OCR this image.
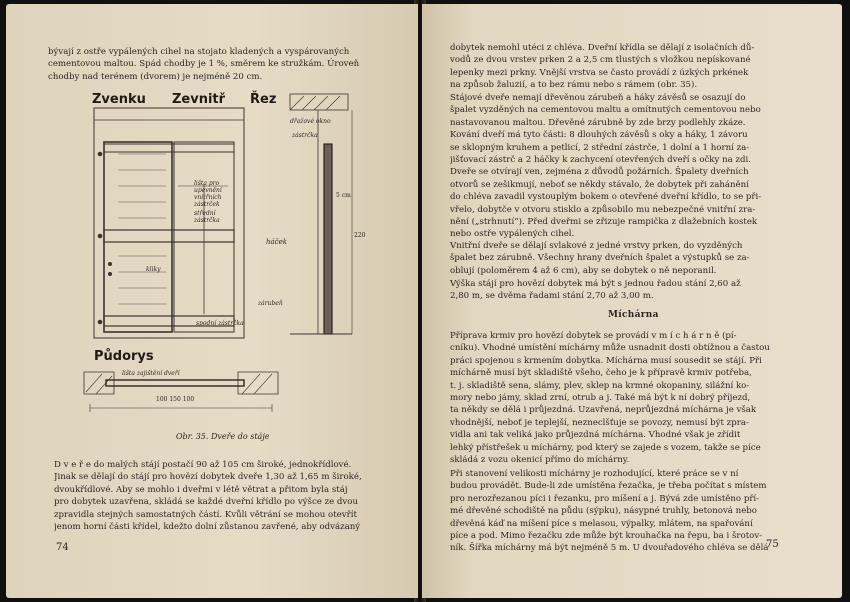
bývají z ostře vypálených cihel na stojato kladených a vyspárovaných
cementovou maltou. Spád chodby je 1 %, směrem ke stružkám. Úroveň
chodby nad terénem (dvorem) je nejméně 20 cm.
Zvenku Zevnitř Řez
dřažové okno
zástrčka
lišta pro upevnění vnitřních zástrček
střední zástrčka
háček
kliky
spodní zástrčka
zárubeň
5 cm
220
Půdorys
lišta zajištění dveří
100 150 100
Obr. 35. Dveře do stáje
D v e ř e do malých stájí postačí 90 až 105 cm široké, jednokřídlové.
Jinak se dělají do stájí pro hovězí dobytek dveře 1,30 až 1,65 m široké,
dvoukřídlové. Aby se mohlo i dveřmi v létě větrat a přitom byla stáj
pro dobytek uzavřena, skládá se každé dveřní křídlo po výšce ze dvou
zpravidla stejných samostatných částí. Kvůli větrání se mohou otevřít
jenom horní části křídel, kdežto dolní zůstanou zavřené, aby odvázaný
74
dobytek nemohl utéci z chléva. Dveřní křídla se dělají z isolačních dů-
vodů ze dvou vrstev prken 2 a 2,5 cm tlustých s vložkou nepískované
lepenky mezi prkny. Vnější vrstva se často provádí z úzkých prkének
na způsob žaluzií, a to bez rámu nebo s rámem (obr. 35).
Stájové dveře nemají dřevěnou zárubeň a háky závěsů se osazují do
špalet vyzděných na cementovou maltu a omítnutých cementovou nebo
nastavovanou maltou. Dřevěné zárubně by zde brzy podlehly zkáze.
Kování dveří má tyto části: 8 dlouhých závěsů s oky a háky, 1 závoru
se sklopným kruhem a petlicí, 2 střední zástrče, 1 dolní a 1 horní za-
jišťovací zástrč a 2 háčky k zachycení otevřených dveří s očky na zdi.
Dveře se otvírají ven, zejména z důvodů požárních. Špalety dveřních
otvorů se zešikmují, neboť se někdy stávalo, že dobytek při zahánění
do chléva zavadil vystouplým bokem o otevřené dveřní křídlo, to se při-
vřelo, dobytče v otvoru stisklo a způsobilo mu nebezpečné vnitřní zra-
nění („strhnutí“). Před dveřmi se zřizuje rampička z dlažebních kostek
nebo ostře vypálených cihel.
Vnitřní dveře se dělají svlakové z jedné vrstvy prken, do vyzděných
špalet bez zárubně. Všechny hrany dveřních špalet a výstupků se za-
oblují (poloměrem 4 až 6 cm), aby se dobytek o ně neporanil.
Výška stájí pro hovězí dobytek má být s jednou řadou stání 2,60 až
2,80 m, se dvěma řadami stání 2,70 až 3,00 m.
Míchárna
Příprava krmiv pro hovězí dobytek se provádí v m í c h á r n ě (pí-
cníku). Vhodné umístění míchárny může usnadnit dosti obtížnou a častou
práci spojenou s krmením dobytka. Míchárna musí sousedit se stájí. Při
míchárně musí být skladiště všeho, čeho je k přípravě krmiv potřeba,
t. j. skladiště sena, slámy, plev, sklep na krmné okopaniny, silážní ko-
mory nebo jámy, sklad zrní, otrub a j. Také má být k ní dobrý příjezd,
ta někdy se dělá i průjezdná. Uzavřená, neprůjezdná míchárna je však
vhodnější, neboť je teplejší, nezneclšťuje se povozy, nemusí být zpra-
vidla ani tak veliká jako průjezdná míchárna. Vhodné však je zřídit
lehký přístřešek u míchárny, pod který se zajede s vozem, takže se píce
skládá z vozu okenicí přímo do míchárny.
Při stanovení velikosti míchárny je rozhodující, které práce se v ní
budou provádět. Bude-li zde umístěna řezačka, je třeba počítat s místem
pro nerozřezanou píci i řezanku, pro míšení a j. Bývá zde umístěno pří-
mé dřevěné schodiště na půdu (sýpku), násypné truhly, betonová nebo
dřevěná káď na míšení píce s melasou, výpalky, mlátem, na spařování
píce a pod. Mimo řezačku zde může být krouhačka na řepu, ba i šrotov-
ník. Šířka míchárny má být nejméně 5 m. U dvouřadového chléva se dělá
75
